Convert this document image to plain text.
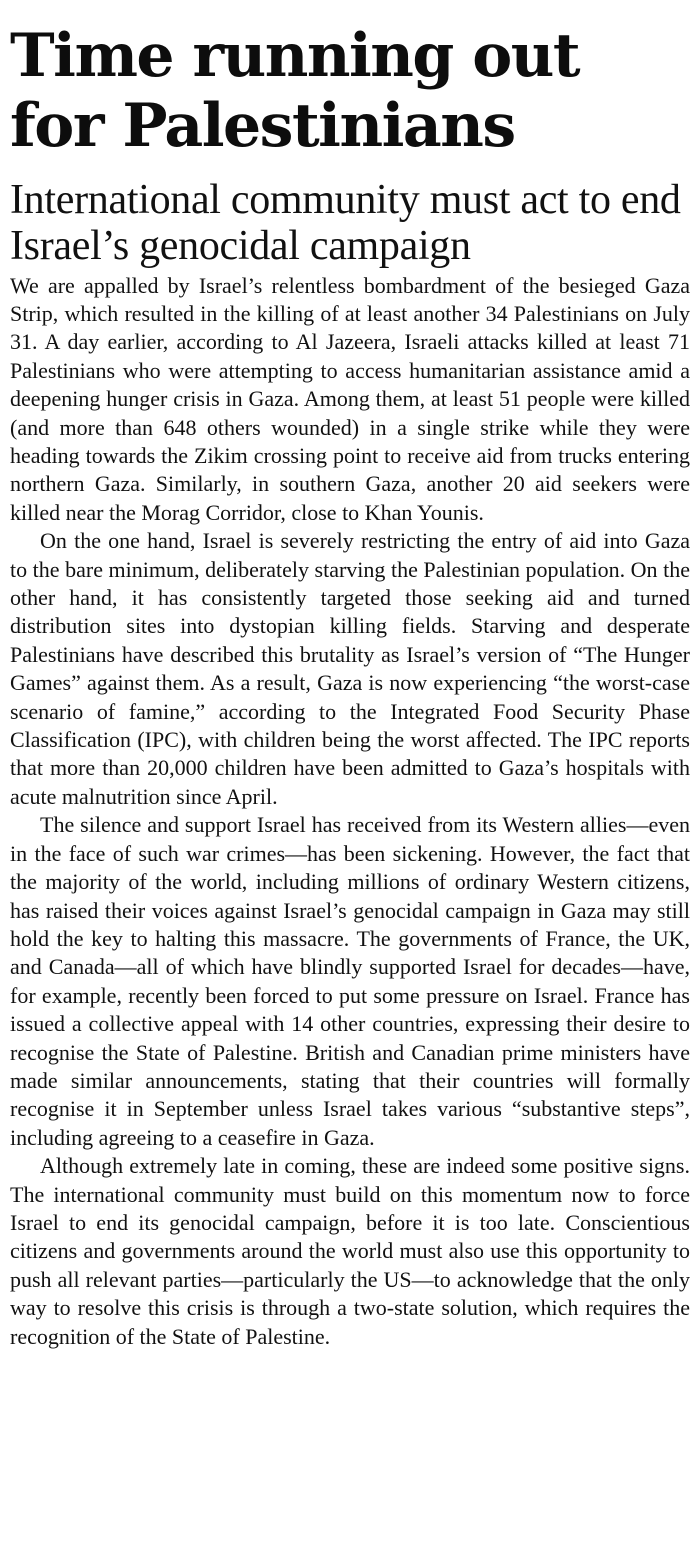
Time running out for Palestinians
International community must act to end Israel’s genocidal campaign

We are appalled by Israel’s relentless bombardment of the besieged Gaza Strip, which resulted in the killing of at least another 34 Palestinians on July 31. A day earlier, according to Al Jazeera, Israeli attacks killed at least 71 Palestinians who were attempting to access humanitarian assistance amid a deepening hunger crisis in Gaza. Among them, at least 51 people were killed (and more than 648 others wounded) in a single strike while they were heading towards the Zikim crossing point to receive aid from trucks entering northern Gaza. Similarly, in southern Gaza, another 20 aid seekers were killed near the Morag Corridor, close to Khan Younis.

On the one hand, Israel is severely restricting the entry of aid into Gaza to the bare minimum, deliberately starving the Palestinian population. On the other hand, it has consistently targeted those seeking aid and turned distribution sites into dystopian killing fields. Starving and desperate Palestinians have described this brutality as Israel’s version of “The Hunger Games” against them. As a result, Gaza is now experiencing “the worst-case scenario of famine,” according to the Integrated Food Security Phase Classification (IPC), with children being the worst affected. The IPC reports that more than 20,000 children have been admitted to Gaza’s hospitals with acute malnutrition since April.

The silence and support Israel has received from its Western allies—even in the face of such war crimes—has been sickening. However, the fact that the majority of the world, including millions of ordinary Western citizens, has raised their voices against Israel’s genocidal campaign in Gaza may still hold the key to halting this massacre. The governments of France, the UK, and Canada—all of which have blindly supported Israel for decades—have, for example, recently been forced to put some pressure on Israel. France has issued a collective appeal with 14 other countries, expressing their desire to recognise the State of Palestine. British and Canadian prime ministers have made similar announcements, stating that their countries will formally recognise it in September unless Israel takes various “substantive steps”, including agreeing to a ceasefire in Gaza.

Although extremely late in coming, these are indeed some positive signs. The international community must build on this momentum now to force Israel to end its genocidal campaign, before it is too late. Conscientious citizens and governments around the world must also use this opportunity to push all relevant parties—particularly the US—to acknowledge that the only way to resolve this crisis is through a two-state solution, which requires the recognition of the State of Palestine.
